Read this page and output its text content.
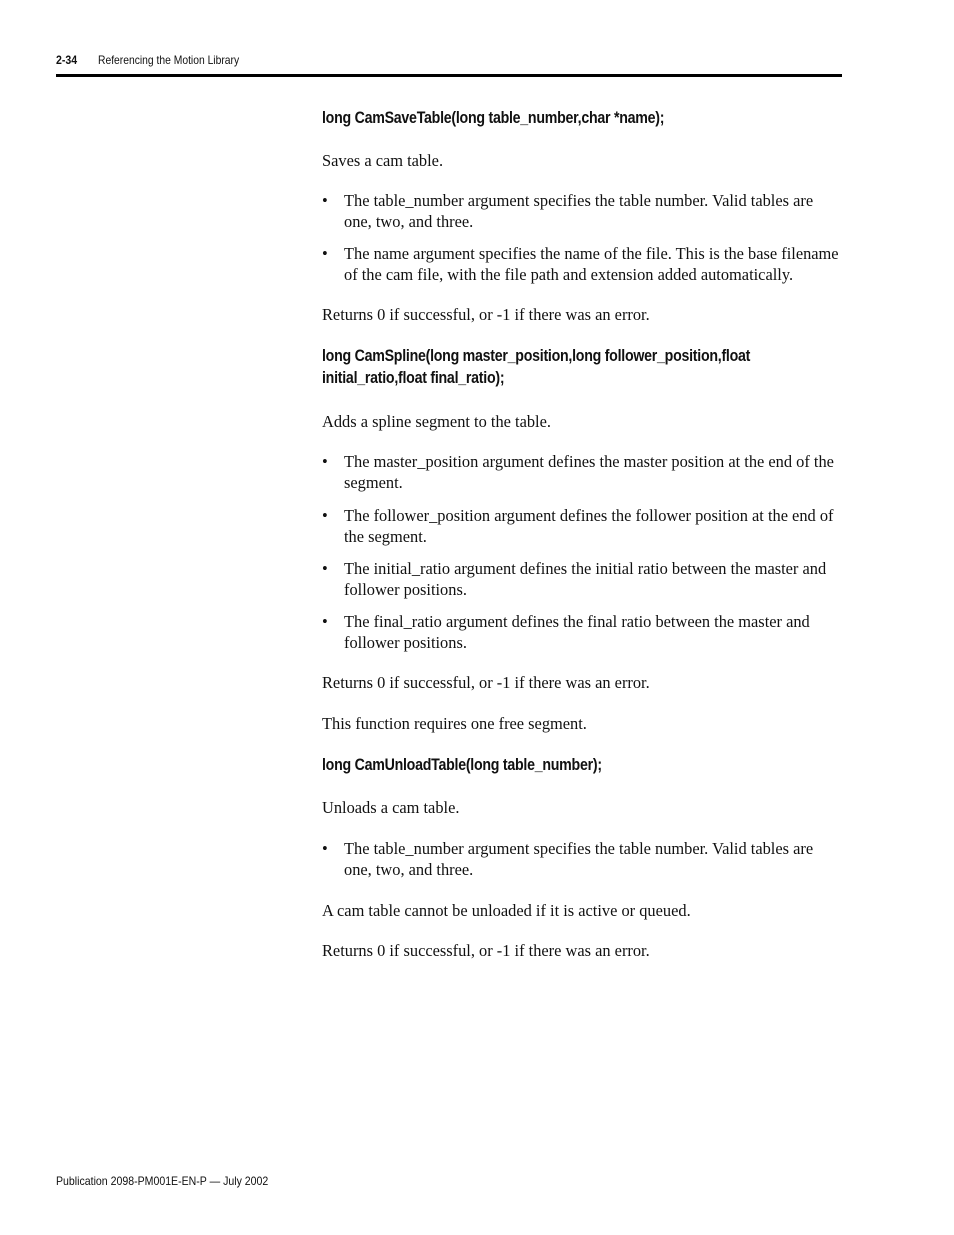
2-34 Referencing the Motion Library
long CamSaveTable(long table_number,char *name);

Saves a cam table.

• The table_number argument specifies the table number. Valid tables are one, two, and three.
• The name argument specifies the name of the file. This is the base filename of the cam file, with the file path and extension added automatically.

Returns 0 if successful, or -1 if there was an error.

long CamSpline(long master_position,long follower_position,float
initial_ratio,float final_ratio);

Adds a spline segment to the table.

• The master_position argument defines the master position at the end of the segment.
• The follower_position argument defines the follower position at the end of the segment.
• The initial_ratio argument defines the initial ratio between the master and follower positions.
• The final_ratio argument defines the final ratio between the master and follower positions.

Returns 0 if successful, or -1 if there was an error.

This function requires one free segment.

long CamUnloadTable(long table_number);

Unloads a cam table.

• The table_number argument specifies the table number. Valid tables are one, two, and three.

A cam table cannot be unloaded if it is active or queued.

Returns 0 if successful, or -1 if there was an error.

Publication 2098-PM001E-EN-P — July 2002
